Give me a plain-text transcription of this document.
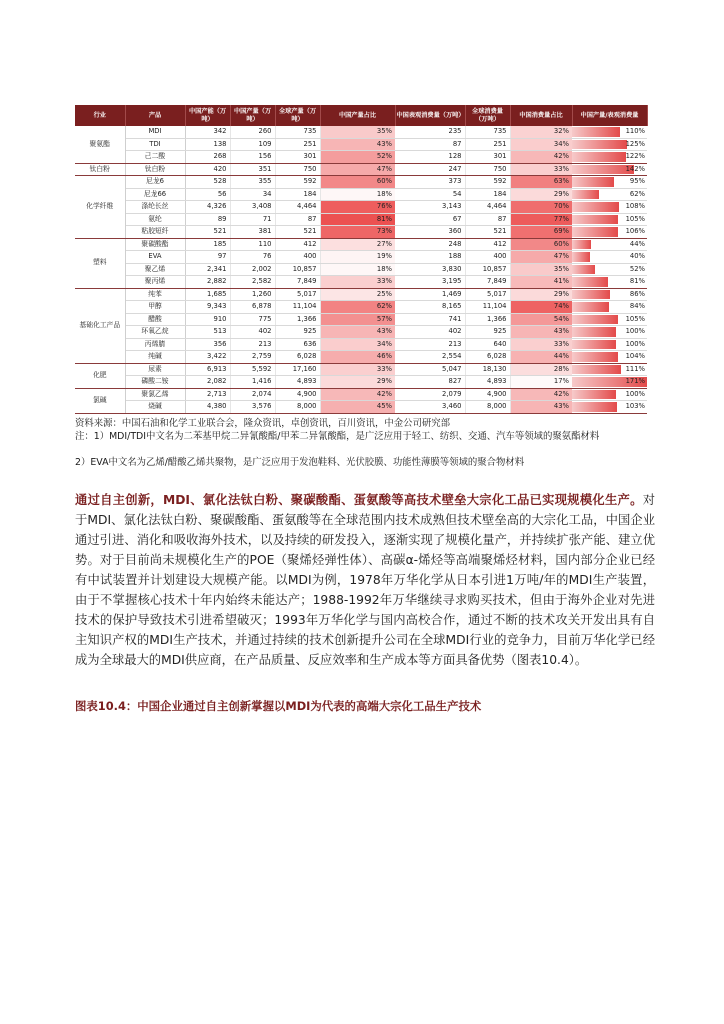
行业	产品	中国产能（万吨）	中国产量（万吨）	全球产量（万吨）	中国产量占比	中国表观消费量（万吨）	全球消费量（万吨）	中国消费量占比	中国产量/表观消费量
聚氨酯	MDI	342	260	735	35%	235	735	32%	110%

	TDI	138	109	251	43%	87	251	34%	125%

	己二酸	268	156	301	52%	128	301	42%	122%

钛白粉	钛白粉	420	351	750	47%	247	750	33%	142%

化学纤维	尼龙6	528	355	592	60%	373	592	63%	95%

	尼龙66	56	34	184	18%	54	184	29%	62%

	涤纶长丝	4,326	3,408	4,464	76%	3,143	4,464	70%	108%

	氨纶	89	71	87	81%	67	87	77%	105%

	粘胶短纤	521	381	521	73%	360	521	69%	106%

塑料	聚碳酸酯	185	110	412	27%	248	412	60%	44%

	EVA	97	76	400	19%	188	400	47%	40%

	聚乙烯	2,341	2,002	10,857	18%	3,830	10,857	35%	52%

	聚丙烯	2,882	2,582	7,849	33%	3,195	7,849	41%	81%

基础化工产品	纯苯	1,685	1,260	5,017	25%	1,469	5,017	29%	86%

	甲醇	9,343	6,878	11,104	62%	8,165	11,104	74%	84%

	醋酸	910	775	1,366	57%	741	1,366	54%	105%

	环氧乙烷	513	402	925	43%	402	925	43%	100%

	丙烯腈	356	213	636	34%	213	640	33%	100%

	纯碱	3,422	2,759	6,028	46%	2,554	6,028	44%	104%

化肥	尿素	6,913	5,592	17,160	33%	5,047	18,130	28%	111%

	磷酸二铵	2,082	1,416	4,893	29%	827	4,893	17%	171%

氯碱	聚氯乙烯	2,713	2,074	4,900	42%	2,079	4,900	42%	100%

	烧碱	4,380	3,576	8,000	45%	3,460	8,000	43%	103%
资料来源：中国石油和化学工业联合会，隆众资讯，卓创资讯，百川资讯，中金公司研究部
注：1）MDI/TDI中文名为二苯基甲烷二异氰酸酯/甲苯二异氰酸酯，是广泛应用于轻工、纺织、交通、汽车等领域的聚氨酯材料
2）EVA中文名为乙烯/醋酸乙烯共聚物，是广泛应用于发泡鞋料、光伏胶膜、功能性薄膜等领域的聚合物材料
通过自主创新，MDI、氯化法钛白粉、聚碳酸酯、蛋氨酸等高技术壁垒大宗化工品已实现规模化生产。对于MDI、氯化法钛白粉、聚碳酸酯、蛋氨酸等在全球范围内技术成熟但技术壁垒高的大宗化工品，中国企业通过引进、消化和吸收海外技术，以及持续的研发投入，逐渐实现了规模化量产，并持续扩张产能、建立优势。对于目前尚未规模化生产的POE（聚烯烃弹性体）、高碳α-烯烃等高端聚烯烃材料，国内部分企业已经有中试装置并计划建设大规模产能。以MDI为例，1978年万华化学从日本引进1万吨/年的MDI生产装置，由于不掌握核心技术十年内始终未能达产；1988-1992年万华继续寻求购买技术，但由于海外企业对先进技术的保护导致技术引进希望破灭；1993年万华化学与国内高校合作，通过不断的技术攻关开发出具有自主知识产权的MDI生产技术，并通过持续的技术创新提升公司在全球MDI行业的竞争力，目前万华化学已经成为全球最大的MDI供应商，在产品质量、反应效率和生产成本等方面具备优势（图表10.4）。
图表10.4：中国企业通过自主创新掌握以MDI为代表的高端大宗化工品生产技术
